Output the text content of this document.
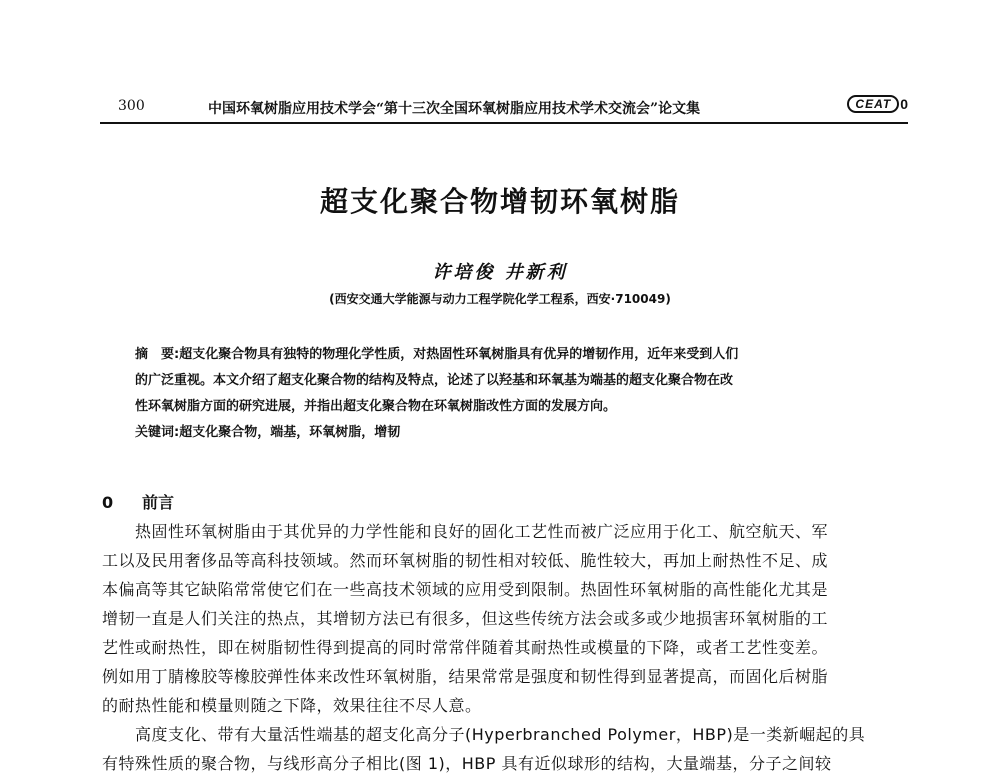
300	中国环氧树脂应用技术学会“第十三次全国环氧树脂应用技术学术交流会”论文集	CEAT 0
超支化聚合物增韧环氧树脂
许培俊 井新利
(西安交通大学能源与动力工程学院化学工程系，西安·710049)

摘　要:超支化聚合物具有独特的物理化学性质，对热固性环氧树脂具有优异的增韧作用，近年来受到人们

的广泛重视。本文介绍了超支化聚合物的结构及特点，论述了以羟基和环氧基为端基的超支化聚合物在改

性环氧树脂方面的研究进展，并指出超支化聚合物在环氧树脂改性方面的发展方向。

关键词:超支化聚合物，端基，环氧树脂，增韧

0 前言

　　热固性环氧树脂由于其优异的力学性能和良好的固化工艺性而被广泛应用于化工、航空航天、军

工以及民用奢侈品等高科技领域。然而环氧树脂的韧性相对较低、脆性较大，再加上耐热性不足、成

本偏高等其它缺陷常常使它们在一些高技术领域的应用受到限制。热固性环氧树脂的高性能化尤其是

增韧一直是人们关注的热点，其增韧方法已有很多，但这些传统方法会或多或少地损害环氧树脂的工

艺性或耐热性，即在树脂韧性得到提高的同时常常伴随着其耐热性或模量的下降，或者工艺性变差。

例如用丁腈橡胶等橡胶弹性体来改性环氧树脂，结果常常是强度和韧性得到显著提高，而固化后树脂

的耐热性能和模量则随之下降，效果往往不尽人意。

　　高度支化、带有大量活性端基的超支化高分子(Hyperbranched Polymer，HBP)是一类新崛起的具

有特殊性质的聚合物，与线形高分子相比(图 1)，HBP 具有近似球形的结构，大量端基，分子之间较
